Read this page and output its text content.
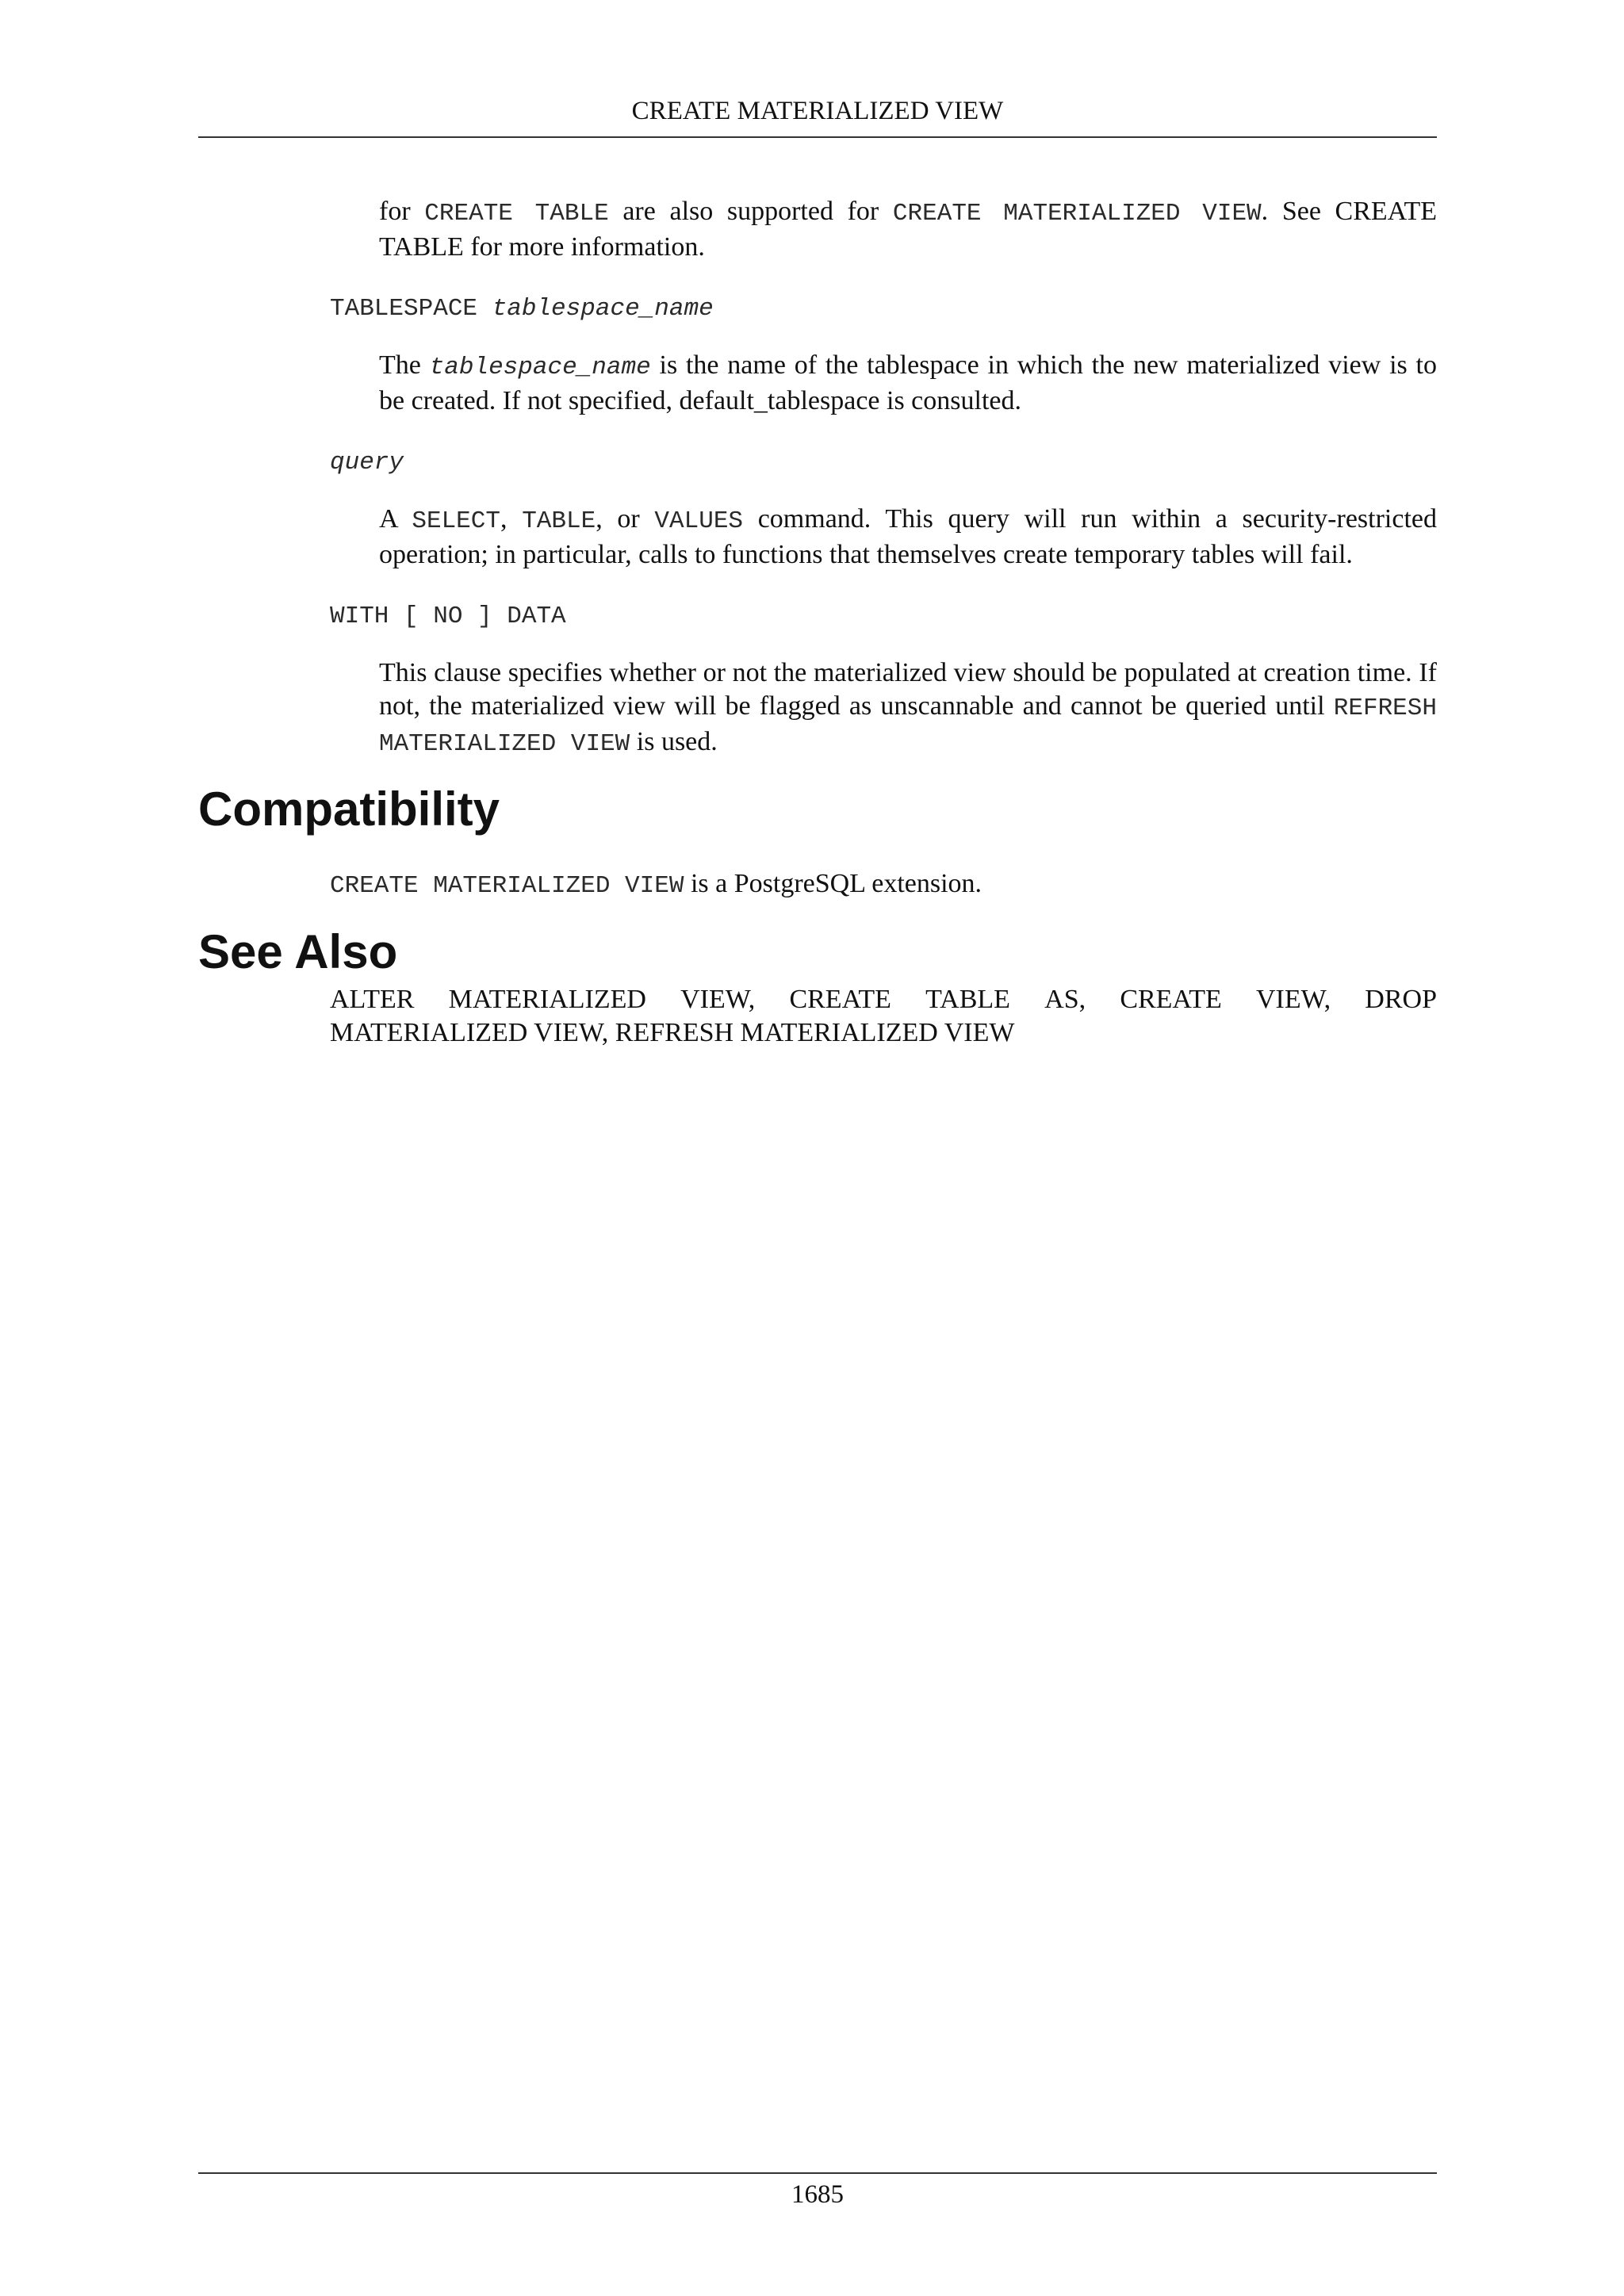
CREATE MATERIALIZED VIEW
for CREATE TABLE are also supported for CREATE MATERIALIZED VIEW. See CREATE TABLE for more information.
TABLESPACE tablespace_name
The tablespace_name is the name of the tablespace in which the new materialized view is to be created. If not specified, default_tablespace is consulted.
query
A SELECT, TABLE, or VALUES command. This query will run within a security-restricted operation; in particular, calls to functions that themselves create temporary tables will fail.
WITH [ NO ] DATA
This clause specifies whether or not the materialized view should be populated at creation time. If not, the materialized view will be flagged as unscannable and cannot be queried until REFRESH MATERIALIZED VIEW is used.
Compatibility
CREATE MATERIALIZED VIEW is a PostgreSQL extension.
See Also
ALTER MATERIALIZED VIEW, CREATE TABLE AS, CREATE VIEW, DROP
MATERIALIZED VIEW, REFRESH MATERIALIZED VIEW
1685
